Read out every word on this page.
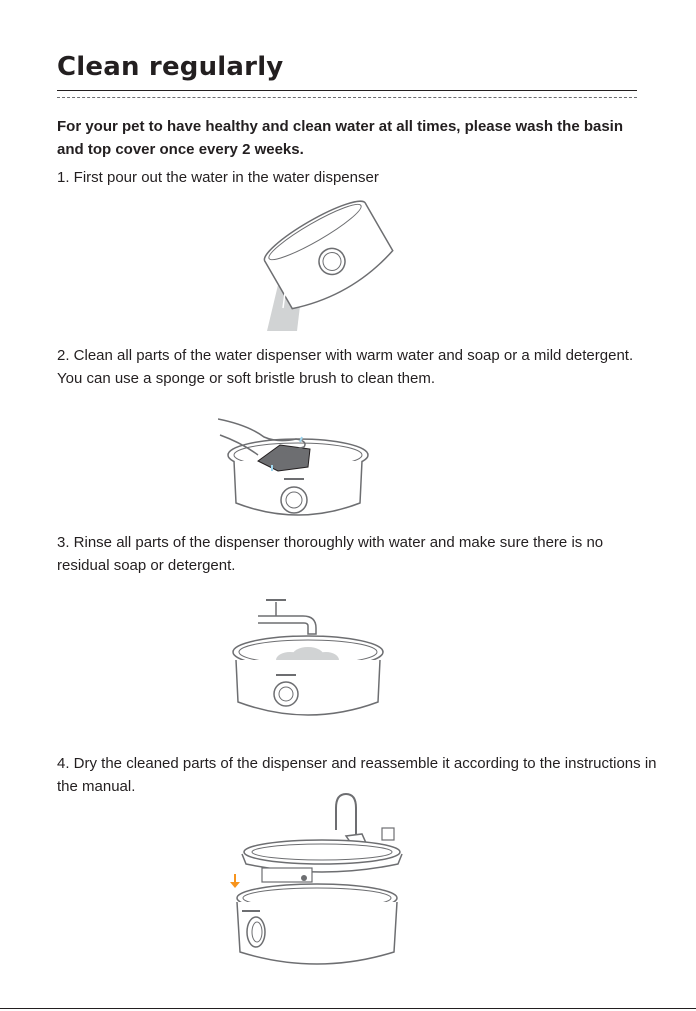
Clean regularly

For your pet to have healthy and clean water at all times, please wash the basin and top cover once every 2 weeks.

1. First pour out the water in the water dispenser

2. Clean all parts of the water dispenser with warm water and soap or a mild detergent. You can use a sponge or soft bristle brush to clean them.

3. Rinse all parts of the dispenser thoroughly with water and make sure there is no residual soap or detergent.

4. Dry the cleaned parts of the dispenser and reassemble it according to the instructions in the manual.
